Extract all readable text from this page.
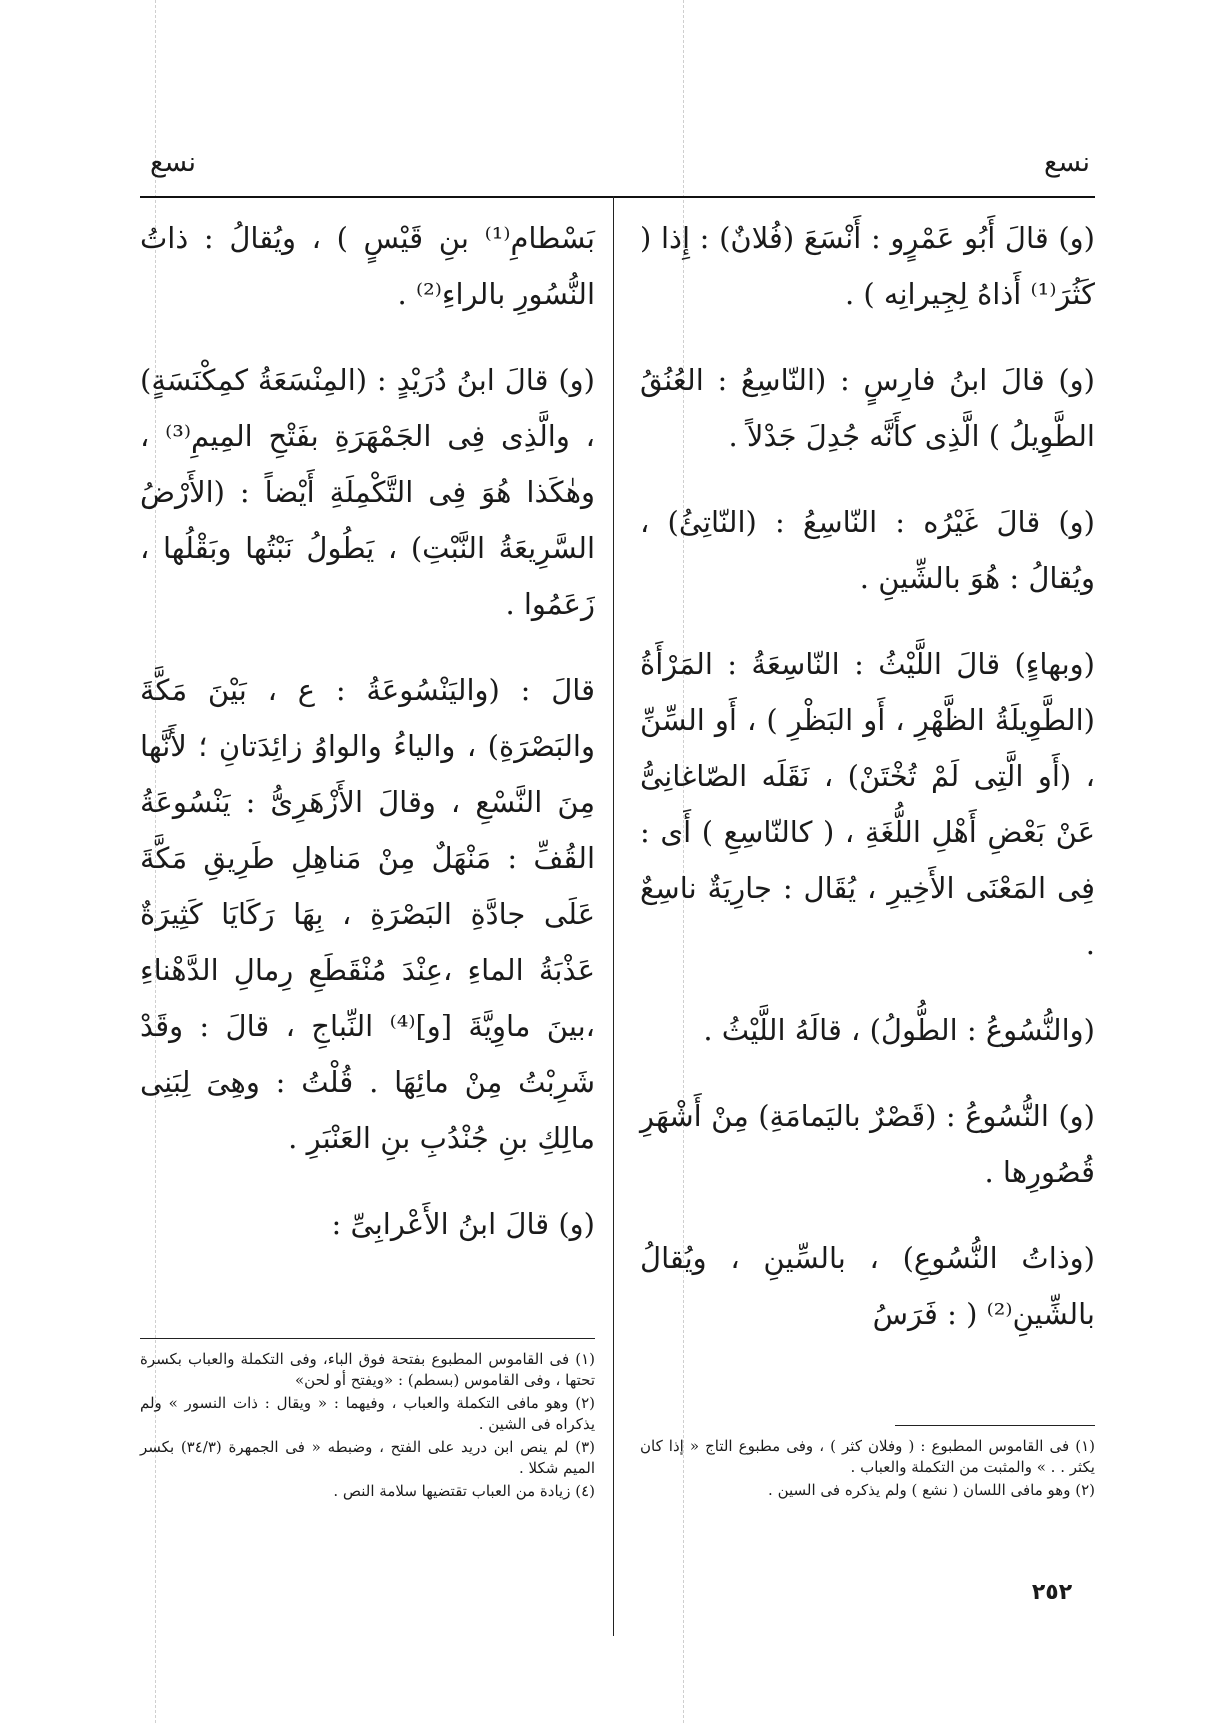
نسع
نسع

(و) قالَ أَبُو عَمْرٍو : أَنْسَعَ (فُلانٌ) : إِذا ( كَثُرَ⁽¹⁾ أَذاهُ لِجِيرانِه ) .

(و) قالَ ابنُ فارِسٍ : (النّاسِعُ : العُنُقُ الطَّوِيلُ ) الَّذِى كأَنَّه جُدِلَ جَدْلاً .

(و) قالَ غَيْرُه : النّاسِعُ : (النّاتِئُ) ، ويُقالُ : هُوَ بالشِّينِ .

(وبهاءٍ) قالَ اللَّيْثُ : النّاسِعَةُ : المَرْأَةُ (الطَّوِيلَةُ الظَّهْرِ ، أَو البَظْرِ ) ، أَو السِّنِّ ، (أَو الَّتِى لَمْ تُخْتَنْ) ، نَقَلَه الصّاغانِىُّ عَنْ بَعْضِ أَهْلِ اللُّغَةِ ، ( كالنّاسِعِ ) أَى : فِى المَعْنَى الأَخِيرِ ، يُقَال : جارِيَةٌ ناسِعٌ .

(والنُّسُوعُ : الطُّولُ) ، قالَهُ اللَّيْثُ .

(و) النُّسُوعُ : (قَصْرٌ باليَمامَةِ) مِنْ أَشْهَرِ قُصُورِها .

(وذاتُ النُّسُوعِ) ، بالسِّينِ ، ويُقالُ بالشِّينِ⁽²⁾ ( : فَرَسُ

(١) فى القاموس المطبوع : ( وفلان كثر ) ، وفى مطبوع التاج « إذا كان يكثر . . » والمثبت من التكملة والعباب .
(٢) وهو مافى اللسان ( نشع ) ولم يذكره فى السين .

بَسْطامِ⁽¹⁾ بنِ قَيْسٍ ) ، ويُقالُ : ذاتُ النُّسُورِ بالراءِ⁽²⁾ .

(و) قالَ ابنُ دُرَيْدٍ : (المِنْسَعَةُ كمِكْنَسَةٍ) ، والَّذِى فِى الجَمْهَرَةِ بفَتْحِ المِيمِ⁽³⁾ ، وهٰكَذا هُوَ فِى التَّكْمِلَةِ أَيْضاً : (الأَرْضُ السَّرِيعَةُ النَّبْتِ) ، يَطُولُ نَبْتُها وبَقْلُها ، زَعَمُوا .

قالَ : (واليَنْسُوعَةُ : ع ، بَيْنَ مَكَّةَ والبَصْرَةِ) ، والياءُ والواوُ زائِدَتانِ ؛ لأَنَّها مِنَ النَّسْعِ ، وقالَ الأَزْهَرِىُّ : يَنْسُوعَةُ القُفِّ : مَنْهَلٌ مِنْ مَناهِلِ طَرِيقِ مَكَّةَ عَلَى جادَّةِ البَصْرَةِ ، بِهَا رَكَايَا كَثِيرَةٌ عَذْبَةُ الماءِ ،عِنْدَ مُنْقَطَعِ رِمالِ الدَّهْناءِ ،بينَ ماوِيَّةَ [و]⁽⁴⁾ النِّباجِ ، قالَ : وقَدْ شَرِبْتُ مِنْ مائِهَا . قُلْتُ : وهِىَ لِبَنِى مالِكِ بنِ جُنْدُبِ بنِ العَنْبَرِ .

(و) قالَ ابنُ الأَعْرابِىِّ :

(١) فى القاموس المطبوع بفتحة فوق الباء، وفى التكملة والعباب بكسرة تحتها ، وفى القاموس (بسطم) : «ويفتح أو لحن»
(٢) وهو مافى التكملة والعباب ، وفيهما : « ويقال : ذات النسور » ولم يذكراه فى الشين .
(٣) لم ينص ابن دريد على الفتح ، وضبطه « فى الجمهرة (٣٤/٣) بكسر الميم شكلا .
(٤) زيادة من العباب تقتضيها سلامة النص .
٢٥٢
